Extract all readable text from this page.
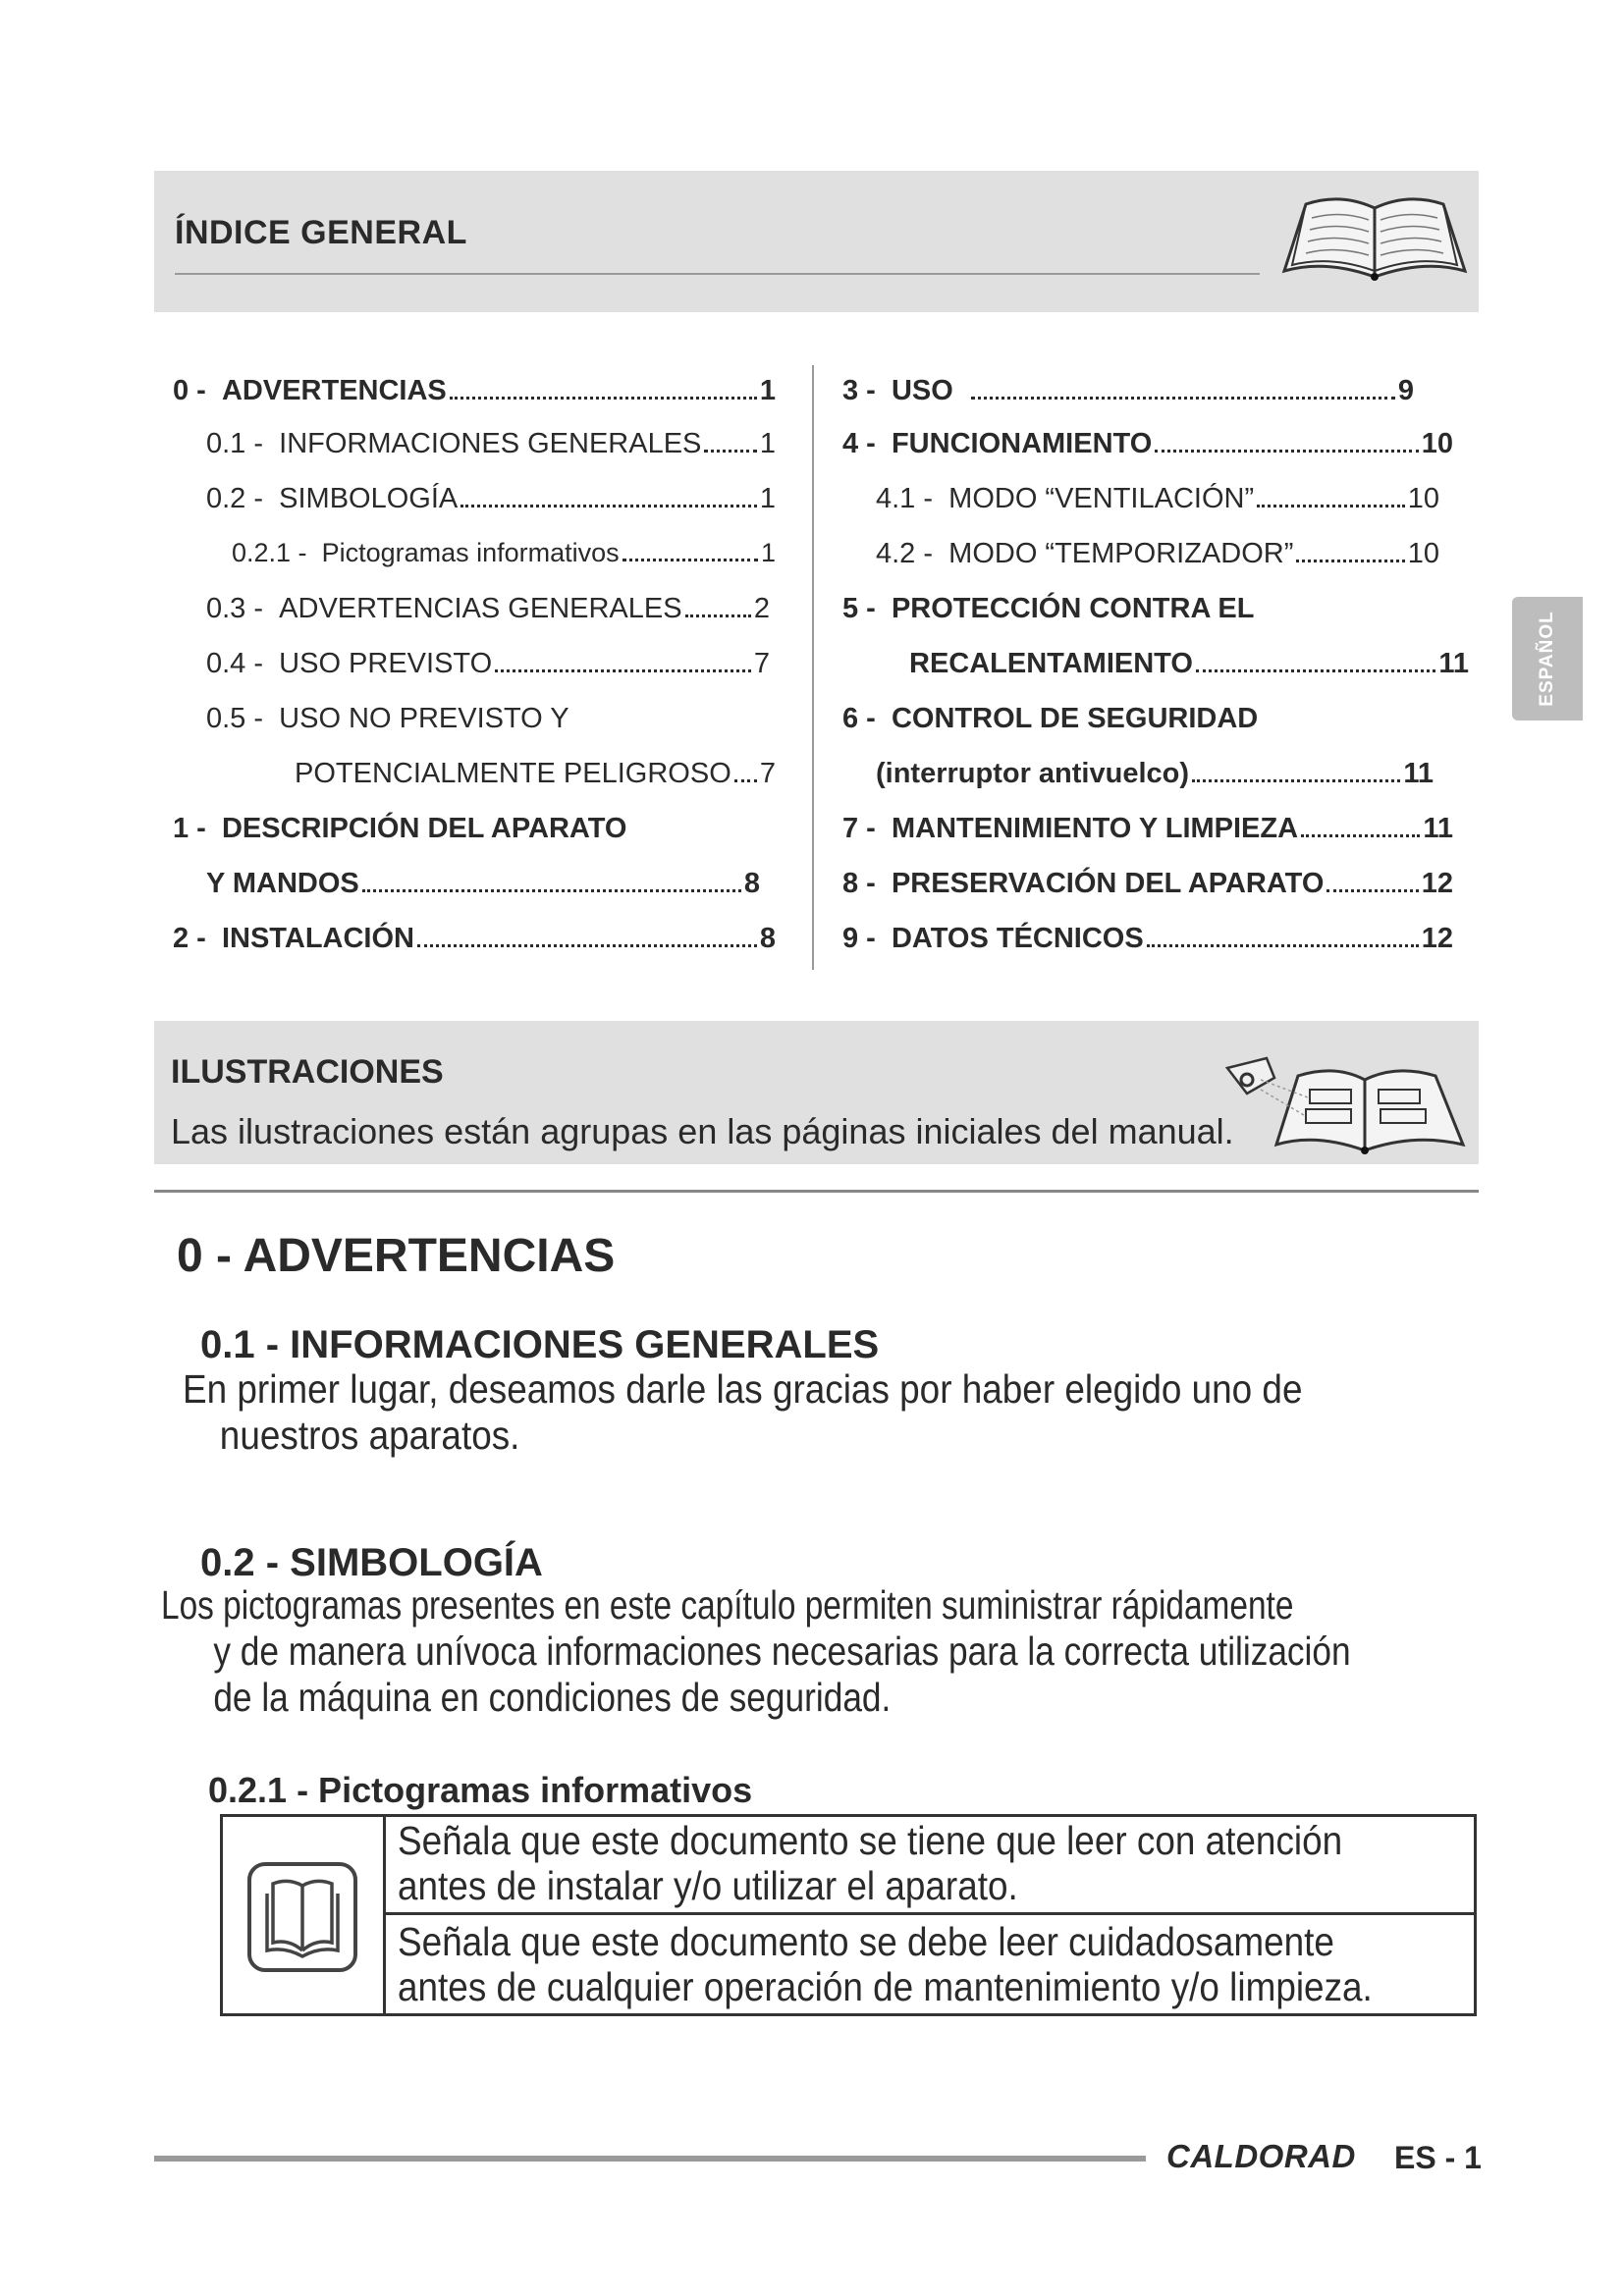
ÍNDICE GENERAL
0 -
ADVERTENCIAS	1
0.1 -
INFORMACIONES GENERALES 1
0.2 -
SIMBOLOGÍA	1
0.2.1 -
Pictogramas informativos	1
0.3 -
ADVERTENCIAS GENERALES	2
0.4 -
USO PREVISTO	7
0.5 -
USO NO PREVISTO Y
POTENCIALMENTE PELIGROSO 7
1 -
DESCRIPCIÓN DEL APARATO
Y MANDOS	8
2 -
INSTALACIÓN	8
3 -
USO	9
4 -
FUNCIONAMIENTO	10
4.1 -
MODO “VENTILACIÓN”	10
4.2 -
MODO “TEMPORIZADOR”	10
5 -
PROTECCIÓN CONTRA EL
RECALENTAMIENTO	11
6 -
CONTROL DE SEGURIDAD
(interruptor antivuelco)	11
7 -
MANTENIMIENTO Y LIMPIEZA	11
8 -
PRESERVACIÓN DEL APARATO	12
9 -
DATOS TÉCNICOS	12
ESPAÑOL
ILUSTRACIONES
Las ilustraciones están agrupas en las páginas iniciales del manual.
0 - ADVERTENCIAS
0.1 - INFORMACIONES GENERALES
En primer lugar, deseamos darle las gracias por haber elegido uno de
nuestros aparatos.
0.2 - SIMBOLOGÍA
Los pictogramas presentes en este capítulo permiten suministrar rápidamente
y de manera unívoca informaciones necesarias para la correcta utilización
de la máquina en condiciones de seguridad.
0.2.1 - Pictogramas informativos
Señala que este documento se tiene que leer con atención
antes de instalar y/o utilizar el aparato.
Señala que este documento se debe leer cuidadosamente
antes de cualquier operación de mantenimiento y/o limpieza.
CALDORAD ES - 1
